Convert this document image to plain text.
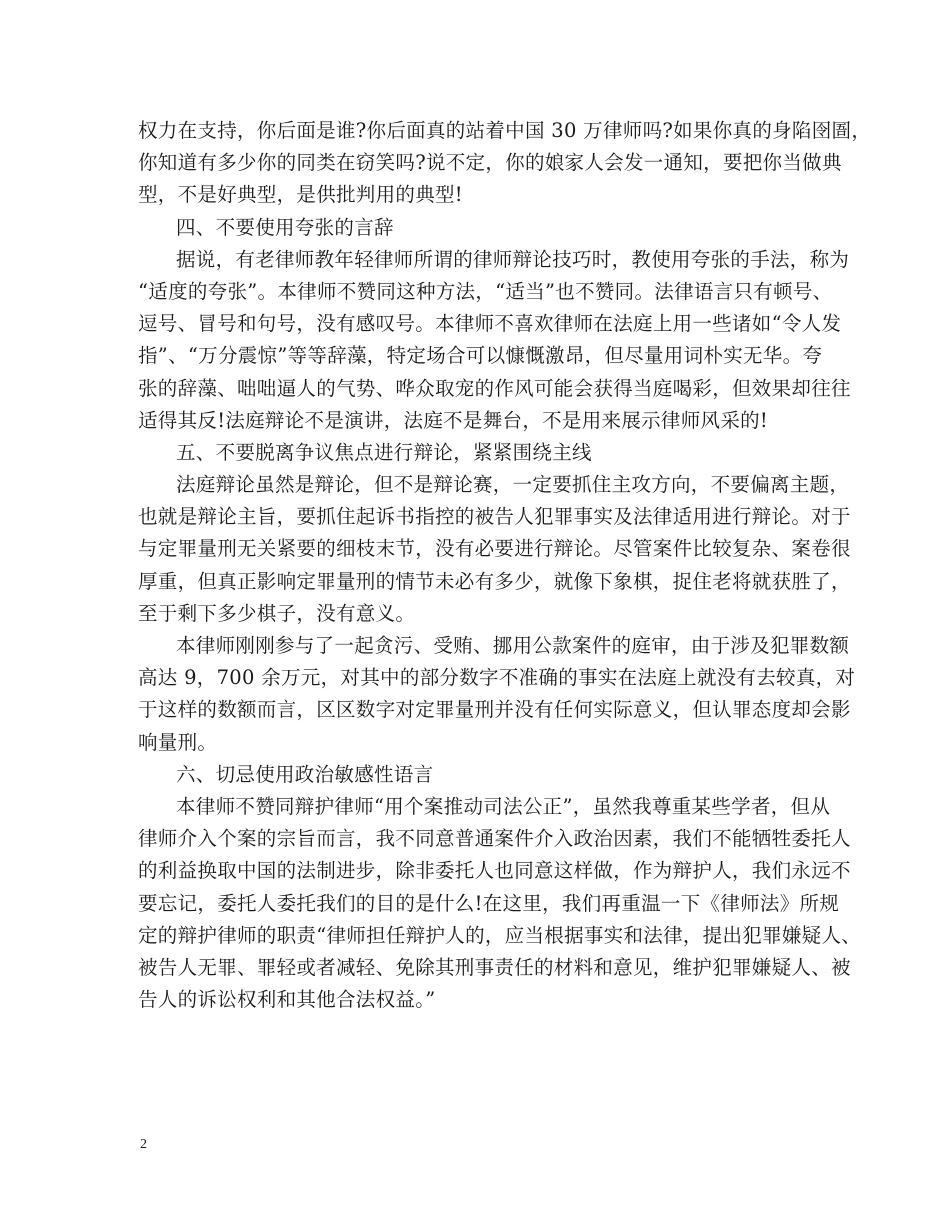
权力在支持，你后面是谁?你后面真的站着中国 30 万律师吗?如果你真的身陷囹圄，
你知道有多少你的同类在窃笑吗?说不定，你的娘家人会发一通知，要把你当做典
型，不是好典型，是供批判用的典型!
四、不要使用夸张的言辞
据说，有老律师教年轻律师所谓的律师辩论技巧时，教使用夸张的手法，称为
“适度的夸张”。本律师不赞同这种方法，“适当”也不赞同。法律语言只有顿号、
逗号、冒号和句号，没有感叹号。本律师不喜欢律师在法庭上用一些诸如“令人发
指”、“万分震惊”等等辞藻，特定场合可以慷慨激昂，但尽量用词朴实无华。夸
张的辞藻、咄咄逼人的气势、哗众取宠的作风可能会获得当庭喝彩，但效果却往往
适得其反!法庭辩论不是演讲，法庭不是舞台，不是用来展示律师风采的!
五、不要脱离争议焦点进行辩论，紧紧围绕主线
法庭辩论虽然是辩论，但不是辩论赛，一定要抓住主攻方向，不要偏离主题，
也就是辩论主旨，要抓住起诉书指控的被告人犯罪事实及法律适用进行辩论。对于
与定罪量刑无关紧要的细枝末节，没有必要进行辩论。尽管案件比较复杂、案卷很
厚重，但真正影响定罪量刑的情节未必有多少，就像下象棋，捉住老将就获胜了，
至于剩下多少棋子，没有意义。
本律师刚刚参与了一起贪污、受贿、挪用公款案件的庭审，由于涉及犯罪数额
高达 9，700 余万元，对其中的部分数字不准确的事实在法庭上就没有去较真，对
于这样的数额而言，区区数字对定罪量刑并没有任何实际意义，但认罪态度却会影
响量刑。
六、切忌使用政治敏感性语言
本律师不赞同辩护律师“用个案推动司法公正”，虽然我尊重某些学者，但从
律师介入个案的宗旨而言，我不同意普通案件介入政治因素，我们不能牺牲委托人
的利益换取中国的法制进步，除非委托人也同意这样做，作为辩护人，我们永远不
要忘记，委托人委托我们的目的是什么!在这里，我们再重温一下《律师法》所规
定的辩护律师的职责“律师担任辩护人的，应当根据事实和法律，提出犯罪嫌疑人、
被告人无罪、罪轻或者减轻、免除其刑事责任的材料和意见，维护犯罪嫌疑人、被
告人的诉讼权利和其他合法权益。”
2
